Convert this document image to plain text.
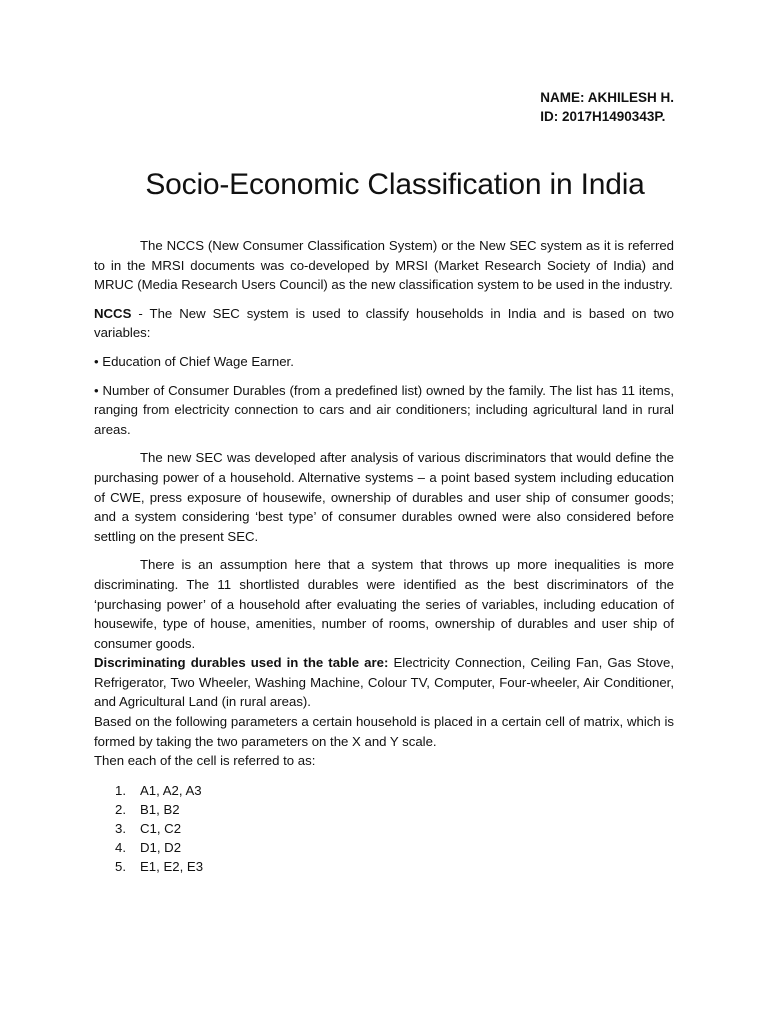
NAME: AKHILESH H.
ID: 2017H1490343P.
Socio-Economic Classification in India

The NCCS (New Consumer Classification System) or the New SEC system as it is referred to in the MRSI documents was co-developed by MRSI (Market Research Society of India) and MRUC (Media Research Users Council) as the new classification system to be used in the industry.

NCCS - The New SEC system is used to classify households in India and is based on two variables:

• Education of Chief Wage Earner.

• Number of Consumer Durables (from a predefined list) owned by the family. The list has 11 items, ranging from electricity connection to cars and air conditioners; including agricultural land in rural areas.

The new SEC was developed after analysis of various discriminators that would define the purchasing power of a household. Alternative systems – a point based system including education of CWE, press exposure of housewife, ownership of durables and user ship of consumer goods; and a system considering ‘best type’ of consumer durables owned were also considered before settling on the present SEC.

There is an assumption here that a system that throws up more inequalities is more discriminating. The 11 shortlisted durables were identified as the best discriminators of the ‘purchasing power’ of a household after evaluating the series of variables, including education of housewife, type of house, amenities, number of rooms, ownership of durables and user ship of consumer goods.

Discriminating durables used in the table are: Electricity Connection, Ceiling Fan, Gas Stove, Refrigerator, Two Wheeler, Washing Machine, Colour TV, Computer, Four-wheeler, Air Conditioner, and Agricultural Land (in rural areas).

Based on the following parameters a certain household is placed in a certain cell of matrix, which is formed by taking the two parameters on the X and Y scale.

Then each of the cell is referred to as:

1. A1, A2, A3
2. B1, B2
3. C1, C2
4. D1, D2
5. E1, E2, E3
